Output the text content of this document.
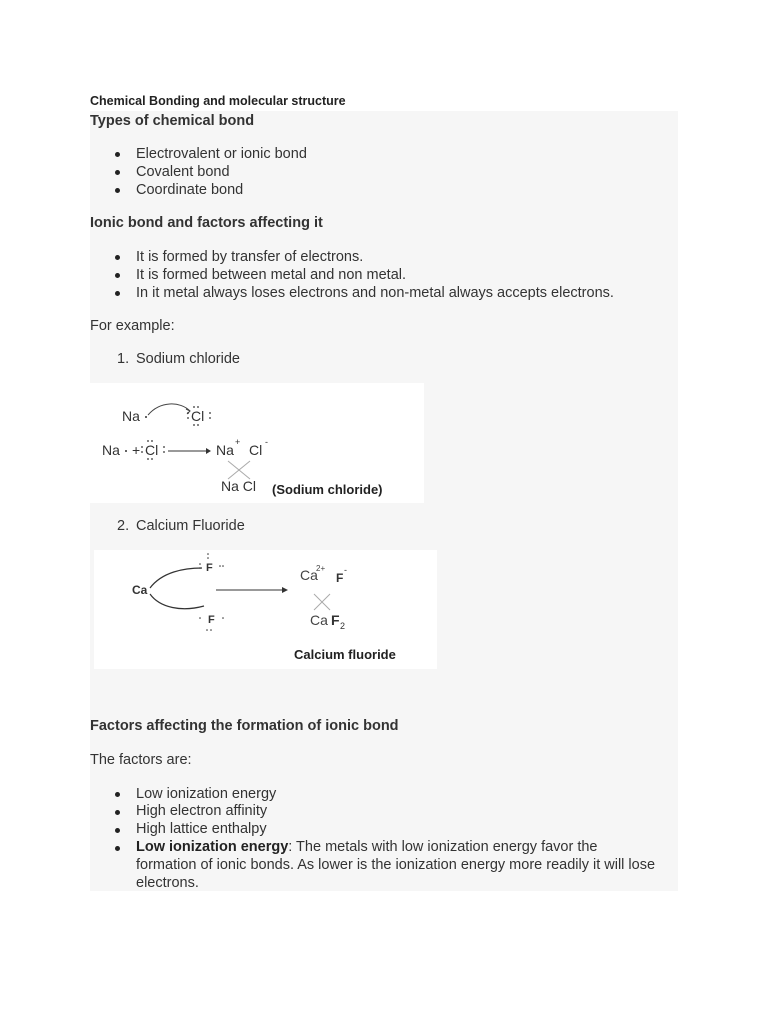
Chemical Bonding and molecular structure
Types of chemical bond
Electrovalent or ionic bond
Covalent bond
Coordinate bond
Ionic bond and factors affecting it
It is formed by transfer of electrons.
It is formed between metal and non metal.
In it metal always loses electrons and non-metal always accepts electrons.
For example:
1. Sodium chloride
Na	Cl
Na + Cl	Na + Cl -
Na Cl (Sodium chloride)
2. Calcium Fluoride
Ca
F
F
Ca
2+
F
-
Ca F 2
Calcium fluoride
Factors affecting the formation of ionic bond
The factors are:
Low ionization energy
High electron affinity
High lattice enthalpy
Low ionization energy: The metals with low ionization energy favor the
formation of ionic bonds. As lower is the ionization energy more readily it will lose
electrons.
